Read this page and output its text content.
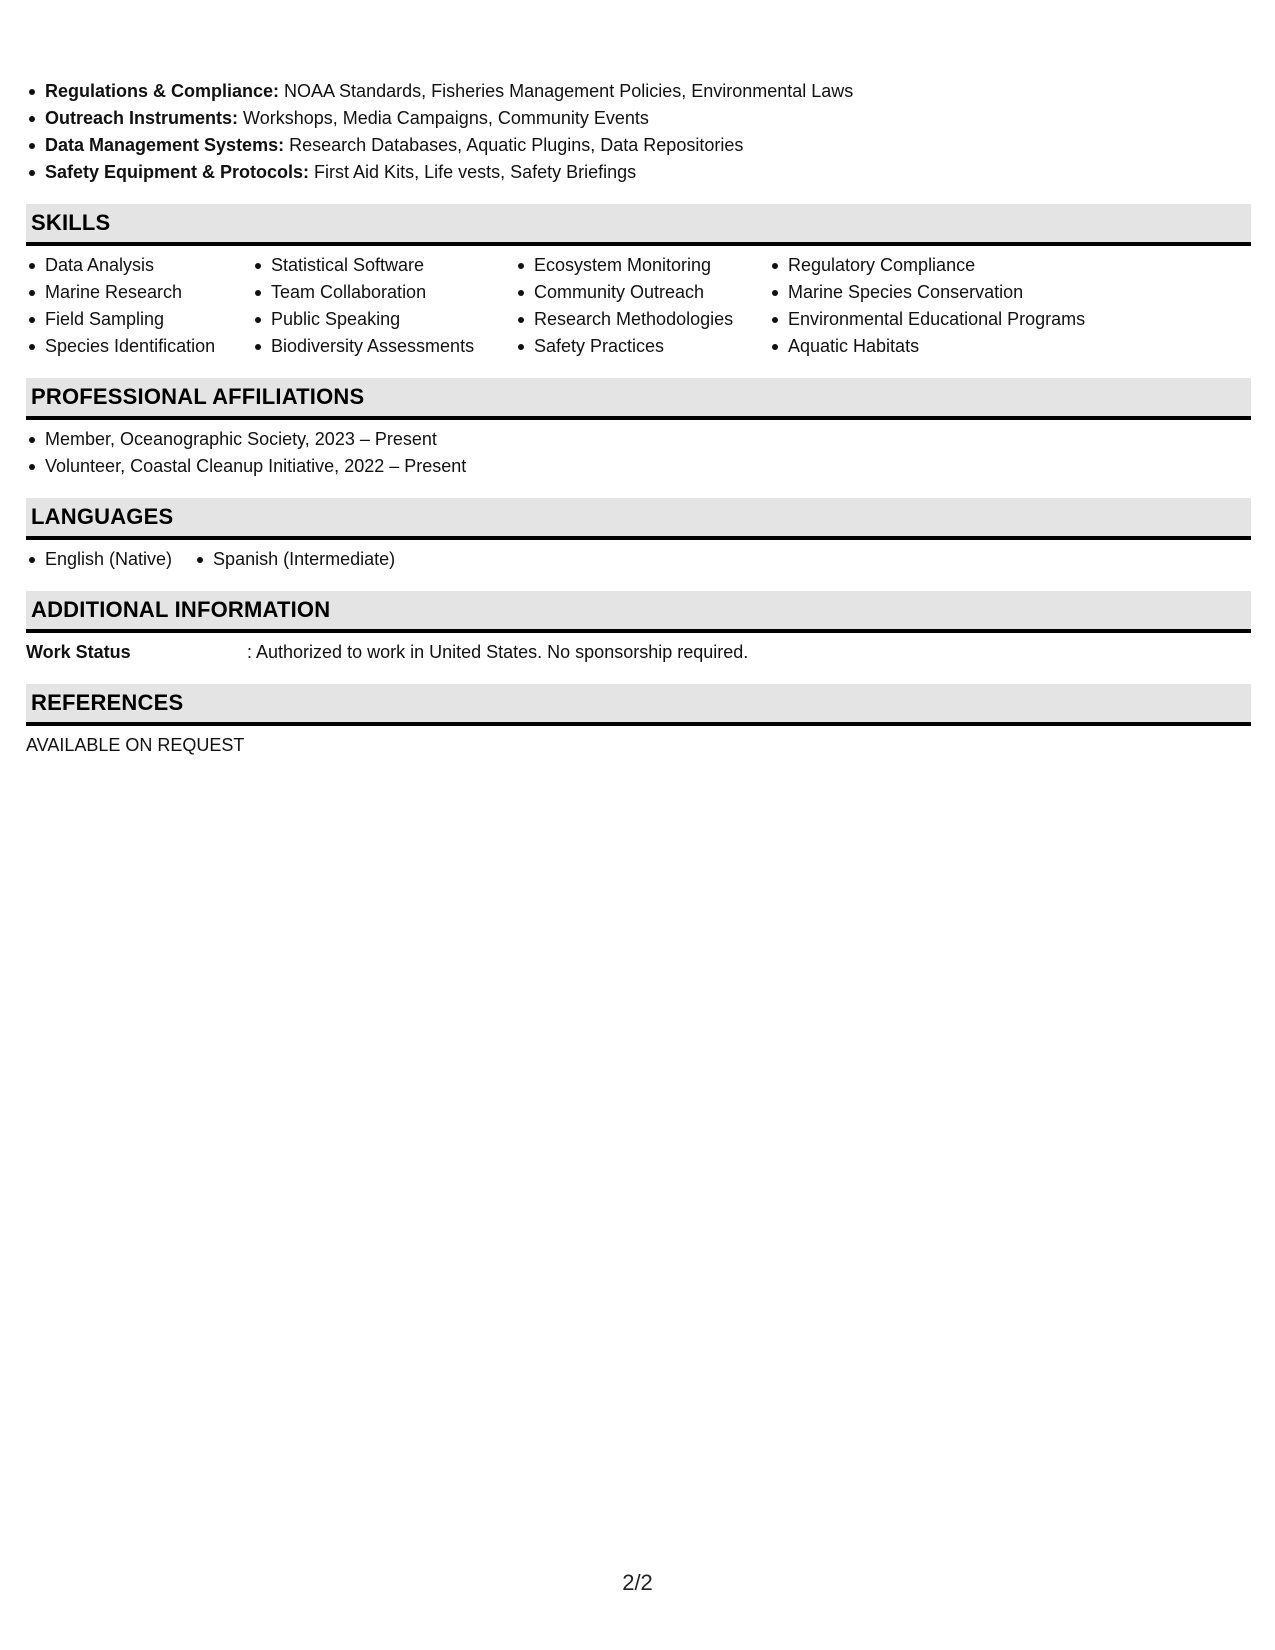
Regulations & Compliance: NOAA Standards, Fisheries Management Policies, Environmental Laws
Outreach Instruments: Workshops, Media Campaigns, Community Events
Data Management Systems: Research Databases, Aquatic Plugins, Data Repositories
Safety Equipment & Protocols: First Aid Kits, Life vests, Safety Briefings
SKILLS
Data Analysis
Marine Research
Field Sampling
Species Identification
Statistical Software
Team Collaboration
Public Speaking
Biodiversity Assessments
Ecosystem Monitoring
Community Outreach
Research Methodologies
Safety Practices
Regulatory Compliance
Marine Species Conservation
Environmental Educational Programs
Aquatic Habitats
PROFESSIONAL AFFILIATIONS
Member, Oceanographic Society, 2023 – Present
Volunteer, Coastal Cleanup Initiative, 2022 – Present
LANGUAGES
English (Native)	Spanish (Intermediate)
ADDITIONAL INFORMATION
Work Status	: Authorized to work in United States. No sponsorship required.
REFERENCES
AVAILABLE ON REQUEST
2/2
